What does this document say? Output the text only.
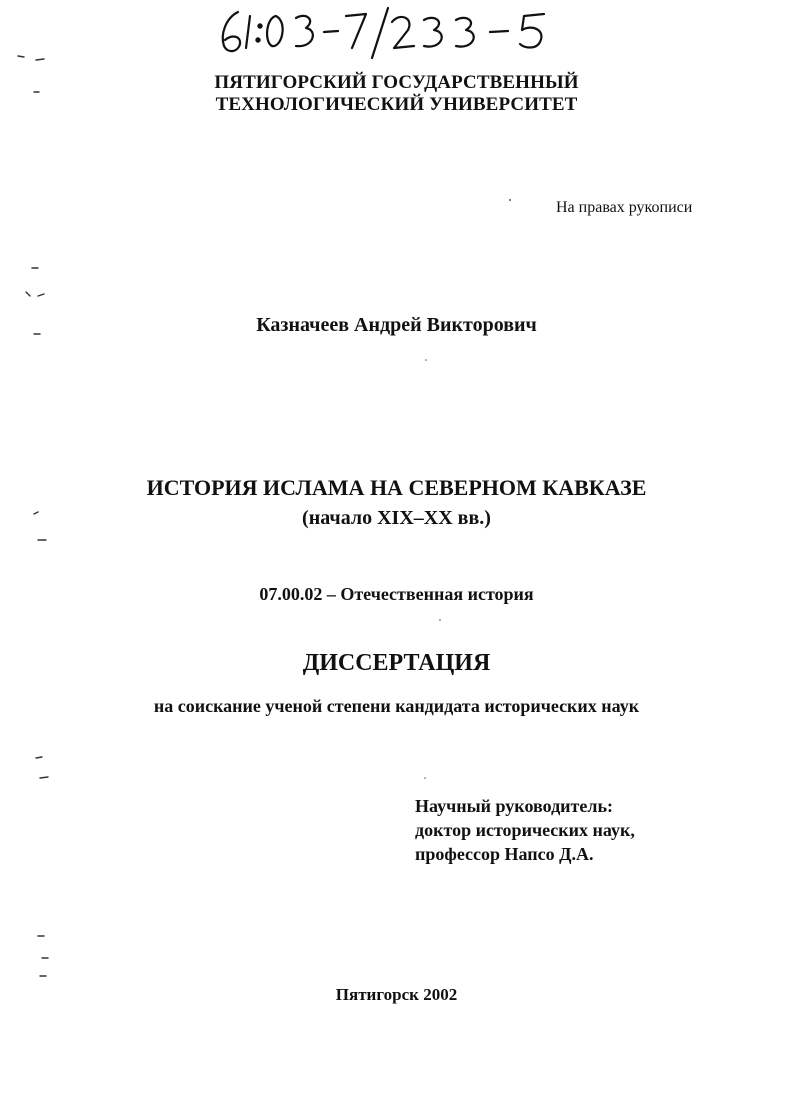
ПЯТИГОРСКИЙ ГОСУДАРСТВЕННЫЙ
ТЕХНОЛОГИЧЕСКИЙ УНИВЕРСИТЕТ
На правах рукописи
Казначеев Андрей Викторович
ИСТОРИЯ ИСЛАМА НА СЕВЕРНОМ КАВКАЗЕ
(начало XIX–XX вв.)
07.00.02 – Отечественная история
ДИССЕРТАЦИЯ
на соискание ученой степени кандидата исторических наук
Научный руководитель:
доктор исторических наук,
профессор Напсо Д.А.
Пятигорск 2002
